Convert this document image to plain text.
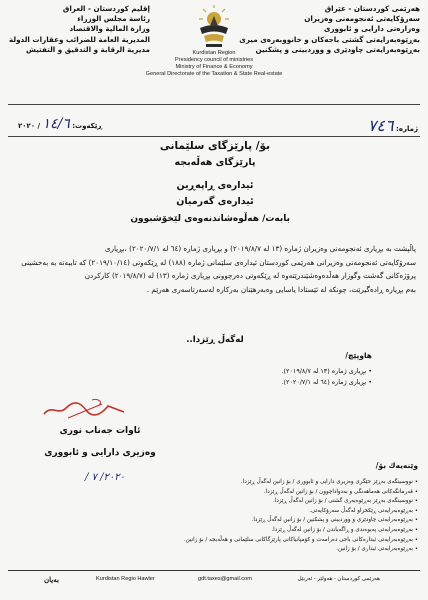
هەرێمی کوردستان - عێراق
سەرۆکایەتی ئەنجومەنی وەزیران
وەزارەتی دارایی و ئابووری
بەڕێوەبەرایەتی گشتی باجەکان و خانووبەرەی میری
بەڕێوەبەرایەتی چاودێری و ووردبینی و پشکنین
إقليم كوردستان - العراق
رئاسة مجلس الوزراء
وزارة المالية والاقتصاد
المديرية العامة للضرائب وعقارات الدولة
مديرية الرقابة و التدقيق و التفتيش	Kurdistan Region
Presidency council of ministries
Ministry of Finance & Economy
General Directorate of the Taxation & State Real-estate
ژمارە: ٧٤٦
ڕێکەوت: ١٤/٦ / ٢٠٢٠
بۆ/ پارێزگای سلێمانی
پارێزگای هەڵەبجە
ئیدارەی ڕاپەڕین
ئیدارەی گەرمیان
بابەت/ هەڵوەشاندنەوەی لێخۆشبوون
پاڵپشت بە بڕیاری ئەنجومەنی وەزیران ژمارە (١٣ لە ٢٠١٩/٨/٧) و بڕیاری ژمارە (٦٤ لە ٢٠٢٠/٧/١) ،بڕیاری
سەرۆکایەتی ئەنجومەنی وەزیرانی هەرێمی کوردستان ئیدارەی سلێمانی ژمارە (١٨٨) لە ڕێکەوتی (٢٠١٩/١٠/١٤) کە تایبەتە بە بەخشینی
پرۆژەکانی گەشت وگوزار هەڵدەوەشێندرێتەوە لە ڕێکەوتی دەرچوونی بڕیاری ژمارە (١٣) لە (٢٠١٩/٨/٧) کارکردن
بەم بڕیارە ڕادەگیرێت، چونکە لە ئێستادا یاسایی وەبەرهێنان بەرکارە لەسەرتاسەری هەرێم .
لەگەڵ ڕێزدا..
هاوپێچ/
• بڕیاری ژمارە (١٣ لە ٢٠١٩/٨/٧).
• بڕیاری ژمارە (٦٤ لە ٢٠٢٠/٧/١).
ئاوات جەناب نوری
وەزیری دارایی و ئابووری
٢٠٢٠/ ٧ /
وێنەیەك بۆ/
• نووسینگەی بەڕێز جێگری وەزیری دارایی و ئابووری / بۆ زانین لەگەڵ ڕێزدا.
• قەرمانگەکانی هەماهەنگی و بەدواداچوون / بۆ زانین لەگەڵ ڕێزدا.
• نووسینگەی بەڕێز بەڕێوەبەری گشتی / بۆ زانین لەگەڵ ڕێزدا.
• بەڕێوەبەرایەتی ڕێکخراو لەگەڵ سەرۆکایەتی.
• بەڕێوەبەرایەتی چاودێری و ووردبینی و پشکنین / بۆ زانین لەگەڵ ڕێزدا.
• بەڕێوەبەرایەتی پەیوەندی و ڕاگەیاندن / بۆ زانین لەگەڵ ڕێزدا.
• بەڕێوەبەرایەتی ئیدارەکانی باجی دەرامەت و کۆمپانیاکانی پارێزگاکانی سلێمانی و هەڵەبجە / بۆ زانین.
• بەڕێوەبەرایەتی ئیداری / بۆ زانین.
بەیان	Kurdistan Regio Hawler	gdt.taxes@gmail.com	هەرێمی کوردستان - هەولێر - ئەربێل
